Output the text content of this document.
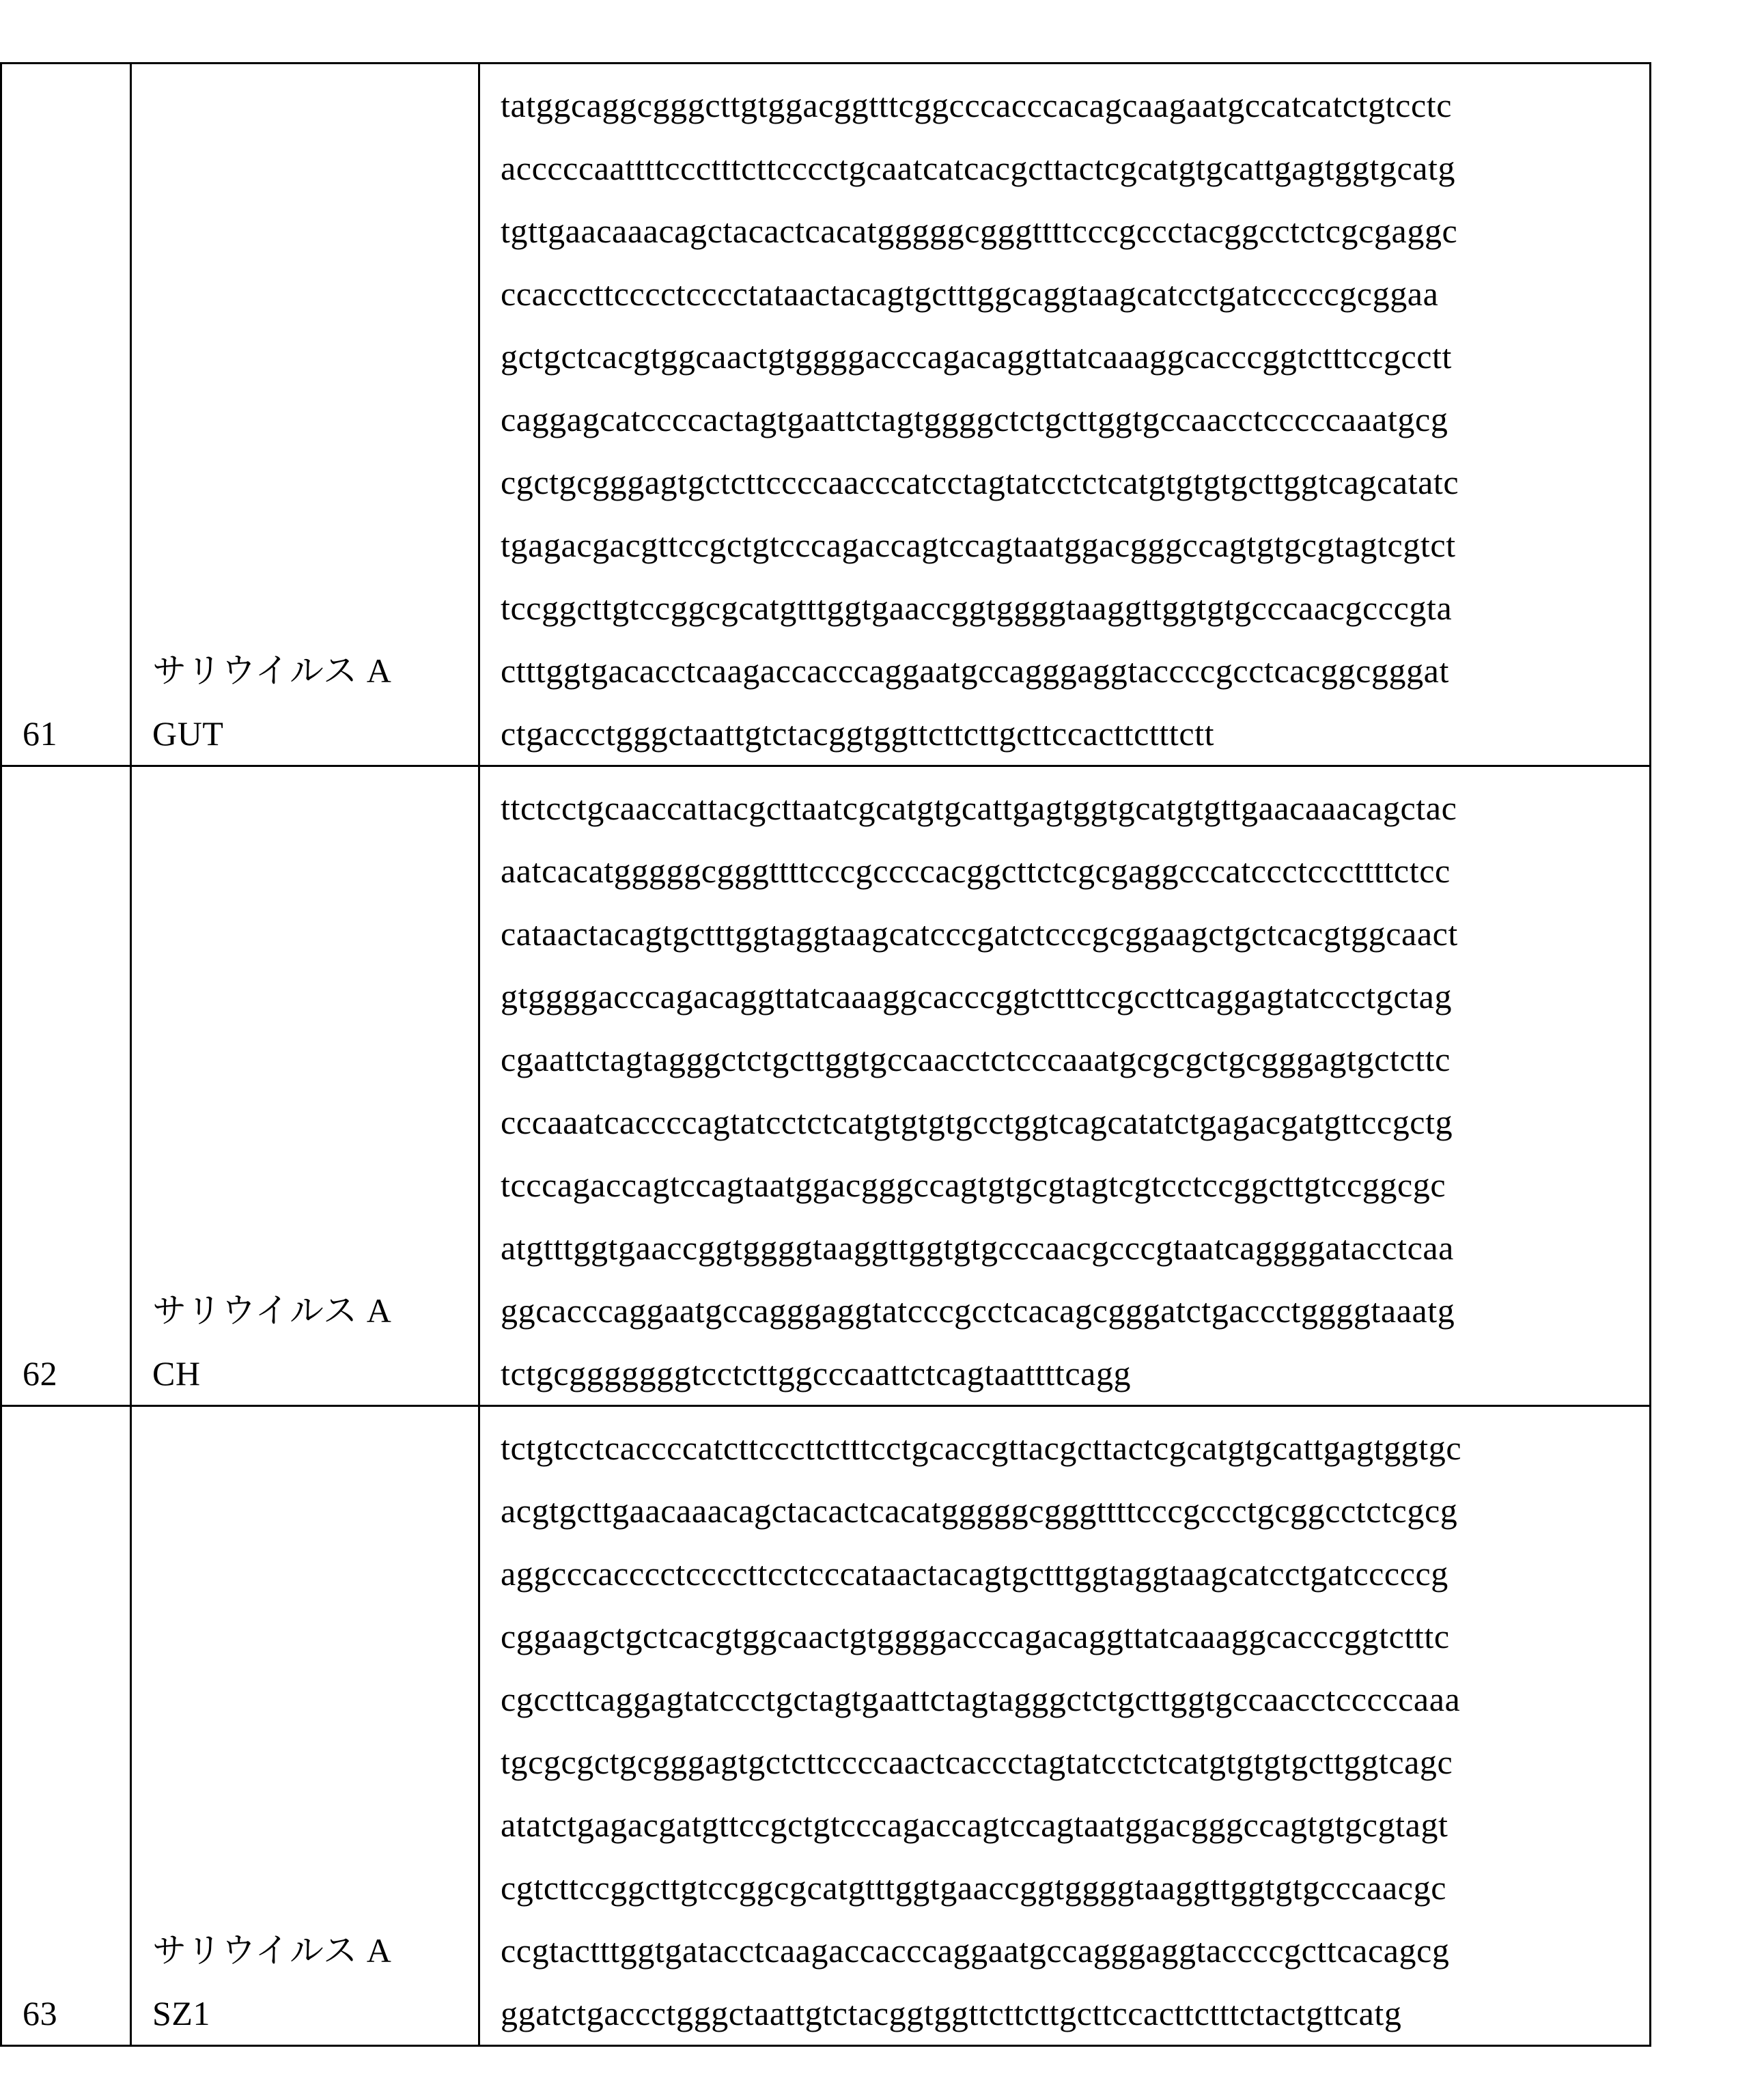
61

サリウイルス A
GUT

tatggcaggcgggcttgtggacggtttcggcccacccacagcaagaatgccatcatctgtcctc
acccccaattttccctttcttcccctgcaatcatcacgcttactcgcatgtgcattgagtggtgcatg
tgttgaacaaacagctacactcacatgggggcgggttttcccgccctacggcctctcgcgaggc
ccacccttcccctcccctataactacagtgctttggcaggtaagcatcctgatcccccgcggaa
gctgctcacgtggcaactgtggggacccagacaggttatcaaaggcacccggtctttccgcctt
caggagcatccccactagtgaattctagtggggctctgcttggtgccaacctcccccaaatgcg
cgctgcgggagtgctcttccccaacccatcctagtatcctctcatgtgtgtgcttggtcagcatatc
tgagacgacgttccgctgtcccagaccagtccagtaatggacgggccagtgtgcgtagtcgtct
tccggcttgtccggcgcatgtttggtgaaccggtggggtaaggttggtgtgcccaacgcccgta
ctttggtgacacctcaagaccacccaggaatgccagggaggtaccccgcctcacggcgggat
ctgaccctgggctaattgtctacggtggttcttcttgcttccacttctttctt

62

サリウイルス A
CH

ttctcctgcaaccattacgcttaatcgcatgtgcattgagtggtgcatgtgttgaacaaacagctac
aatcacatgggggcgggttttcccgccccacggcttctcgcgaggcccatccctcccttttctcc
cataactacagtgctttggtaggtaagcatcccgatctcccgcggaagctgctcacgtggcaact
gtggggacccagacaggttatcaaaggcacccggtctttccgccttcaggagtatccctgctag
cgaattctagtagggctctgcttggtgccaacctctcccaaatgcgcgctgcgggagtgctcttc
cccaaatcaccccagtatcctctcatgtgtgtgcctggtcagcatatctgagacgatgttccgctg
tcccagaccagtccagtaatggacgggccagtgtgcgtagtcgtcctccggcttgtccggcgc
atgtttggtgaaccggtggggtaaggttggtgtgcccaacgcccgtaatcaggggatacctcaa
ggcacccaggaatgccagggaggtatcccgcctcacagcgggatctgaccctggggtaaatg
tctgcgggggggtcctcttggcccaattctcagtaattttcagg

63

サリウイルス A
SZ1

tctgtcctcaccccatcttcccttctttcctgcaccgttacgcttactcgcatgtgcattgagtggtgc
acgtgcttgaacaaacagctacactcacatgggggcgggttttcccgccctgcggcctctcgcg
aggcccacccctccccttcctcccataactacagtgctttggtaggtaagcatcctgatcccccg
cggaagctgctcacgtggcaactgtggggacccagacaggttatcaaaggcacccggtctttc
cgccttcaggagtatccctgctagtgaattctagtagggctctgcttggtgccaacctcccccaaa
tgcgcgctgcgggagtgctcttccccaactcaccctagtatcctctcatgtgtgtgcttggtcagc
atatctgagacgatgttccgctgtcccagaccagtccagtaatggacgggccagtgtgcgtagt
cgtcttccggcttgtccggcgcatgtttggtgaaccggtggggtaaggttggtgtgcccaacgc
ccgtactttggtgatacctcaagaccacccaggaatgccagggaggtaccccgcttcacagcg
ggatctgaccctgggctaattgtctacggtggttcttcttgcttccacttctttctactgttcatg
